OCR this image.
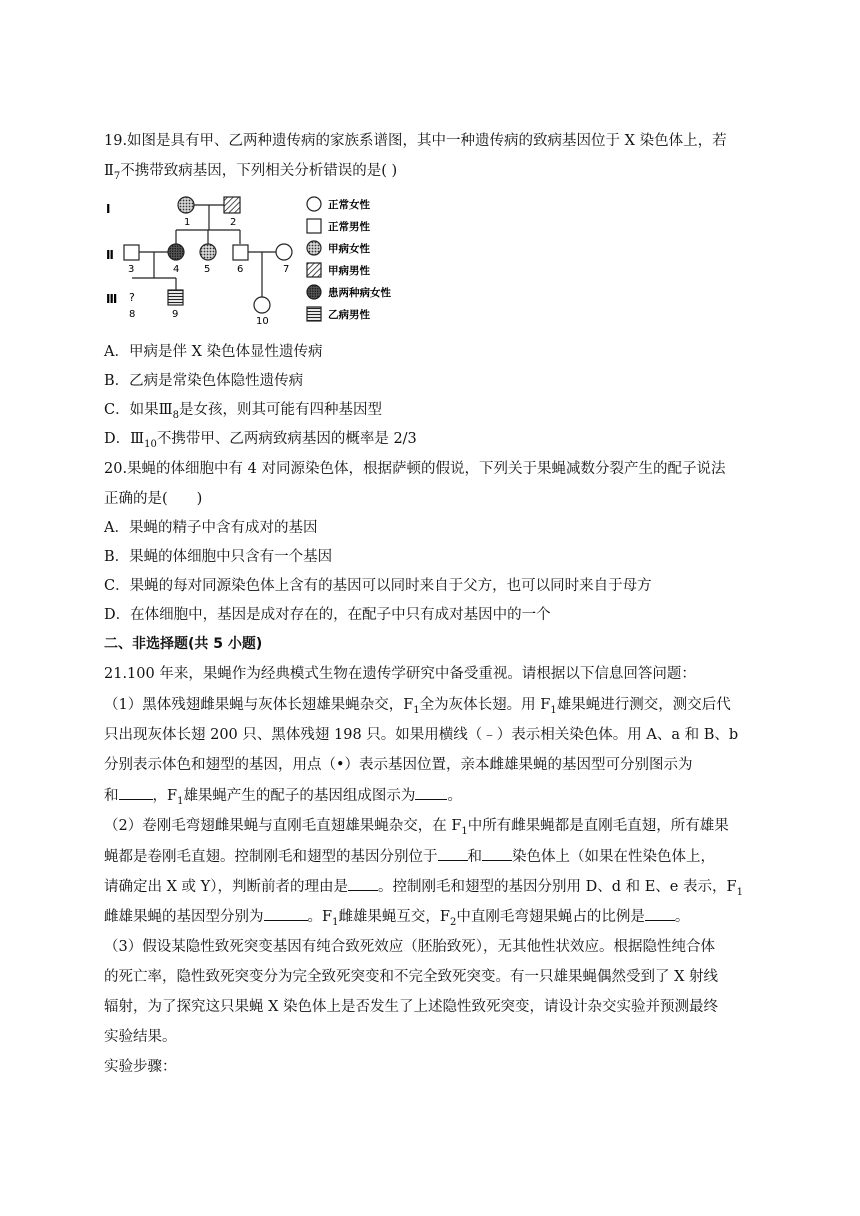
19.如图是具有甲、乙两种遗传病的家族系谱图，其中一种遗传病的致病基因位于 X 染色体上，若
$Ⅱ_7$不携带致病基因，下列相关分析错误的是( )
Ⅰ
Ⅱ
Ⅲ
1	2
3	4 5	6	7
?
8	9
10
正常女性
正常男性
甲病女性
甲病男性
患两种病女性
乙病男性
A．甲病是伴 X 染色体显性遗传病
B．乙病是常染色体隐性遗传病
C．如果$Ⅲ_8$是女孩，则其可能有四种基因型
D．$Ⅲ_{10}$不携带甲、乙两病致病基因的概率是 2/3
20.果蝇的体细胞中有 4 对同源染色体，根据萨顿的假说，下列关于果蝇减数分裂产生的配子说法
正确的是(　　)
A．果蝇的精子中含有成对的基因
B．果蝇的体细胞中只含有一个基因
C．果蝇的每对同源染色体上含有的基因可以同时来自于父方，也可以同时来自于母方
D．在体细胞中，基因是成对存在的，在配子中只有成对基因中的一个
二、非选择题(共 5 小题)
21.100 年来，果蝇作为经典模式生物在遗传学研究中备受重视。请根据以下信息回答问题：
（1）黑体残翅雌果蝇与灰体长翅雄果蝇杂交，$F_1$全为灰体长翅。用 $F_1$雄果蝇进行测交，测交后代
只出现灰体长翅 200 只、黑体残翅 198 只。如果用横线（﹣）表示相关染色体。用 A、a 和 B、b
分别表示体色和翅型的基因，用点（•）表示基因位置，亲本雌雄果蝇的基因型可分别图示为
和 ，$F_1$雄果蝇产生的配子的基因组成图示为 。
（2）卷刚毛弯翅雌果蝇与直刚毛直翅雄果蝇杂交，在 $F_1$中所有雌果蝇都是直刚毛直翅，所有雄果
蝇都是卷刚毛直翅。控制刚毛和翅型的基因分别位于 和 染色体上（如果在性染色体上，
请确定出 X 或 Y），判断前者的理由是 。控制刚毛和翅型的基因分别用 D、d 和 E、e 表示，$F_1$
雌雄果蝇的基因型分别为	。$F_1$雌雄果蝇互交，$F_2$中直刚毛弯翅果蝇占的比例是 。
（3）假设某隐性致死突变基因有纯合致死效应（胚胎致死），无其他性状效应。根据隐性纯合体
的死亡率，隐性致死突变分为完全致死突变和不完全致死突变。有一只雄果蝇偶然受到了 X 射线
辐射，为了探究这只果蝇 X 染色体上是否发生了上述隐性致死突变，请设计杂交实验并预测最终
实验结果。
实验步骤：
